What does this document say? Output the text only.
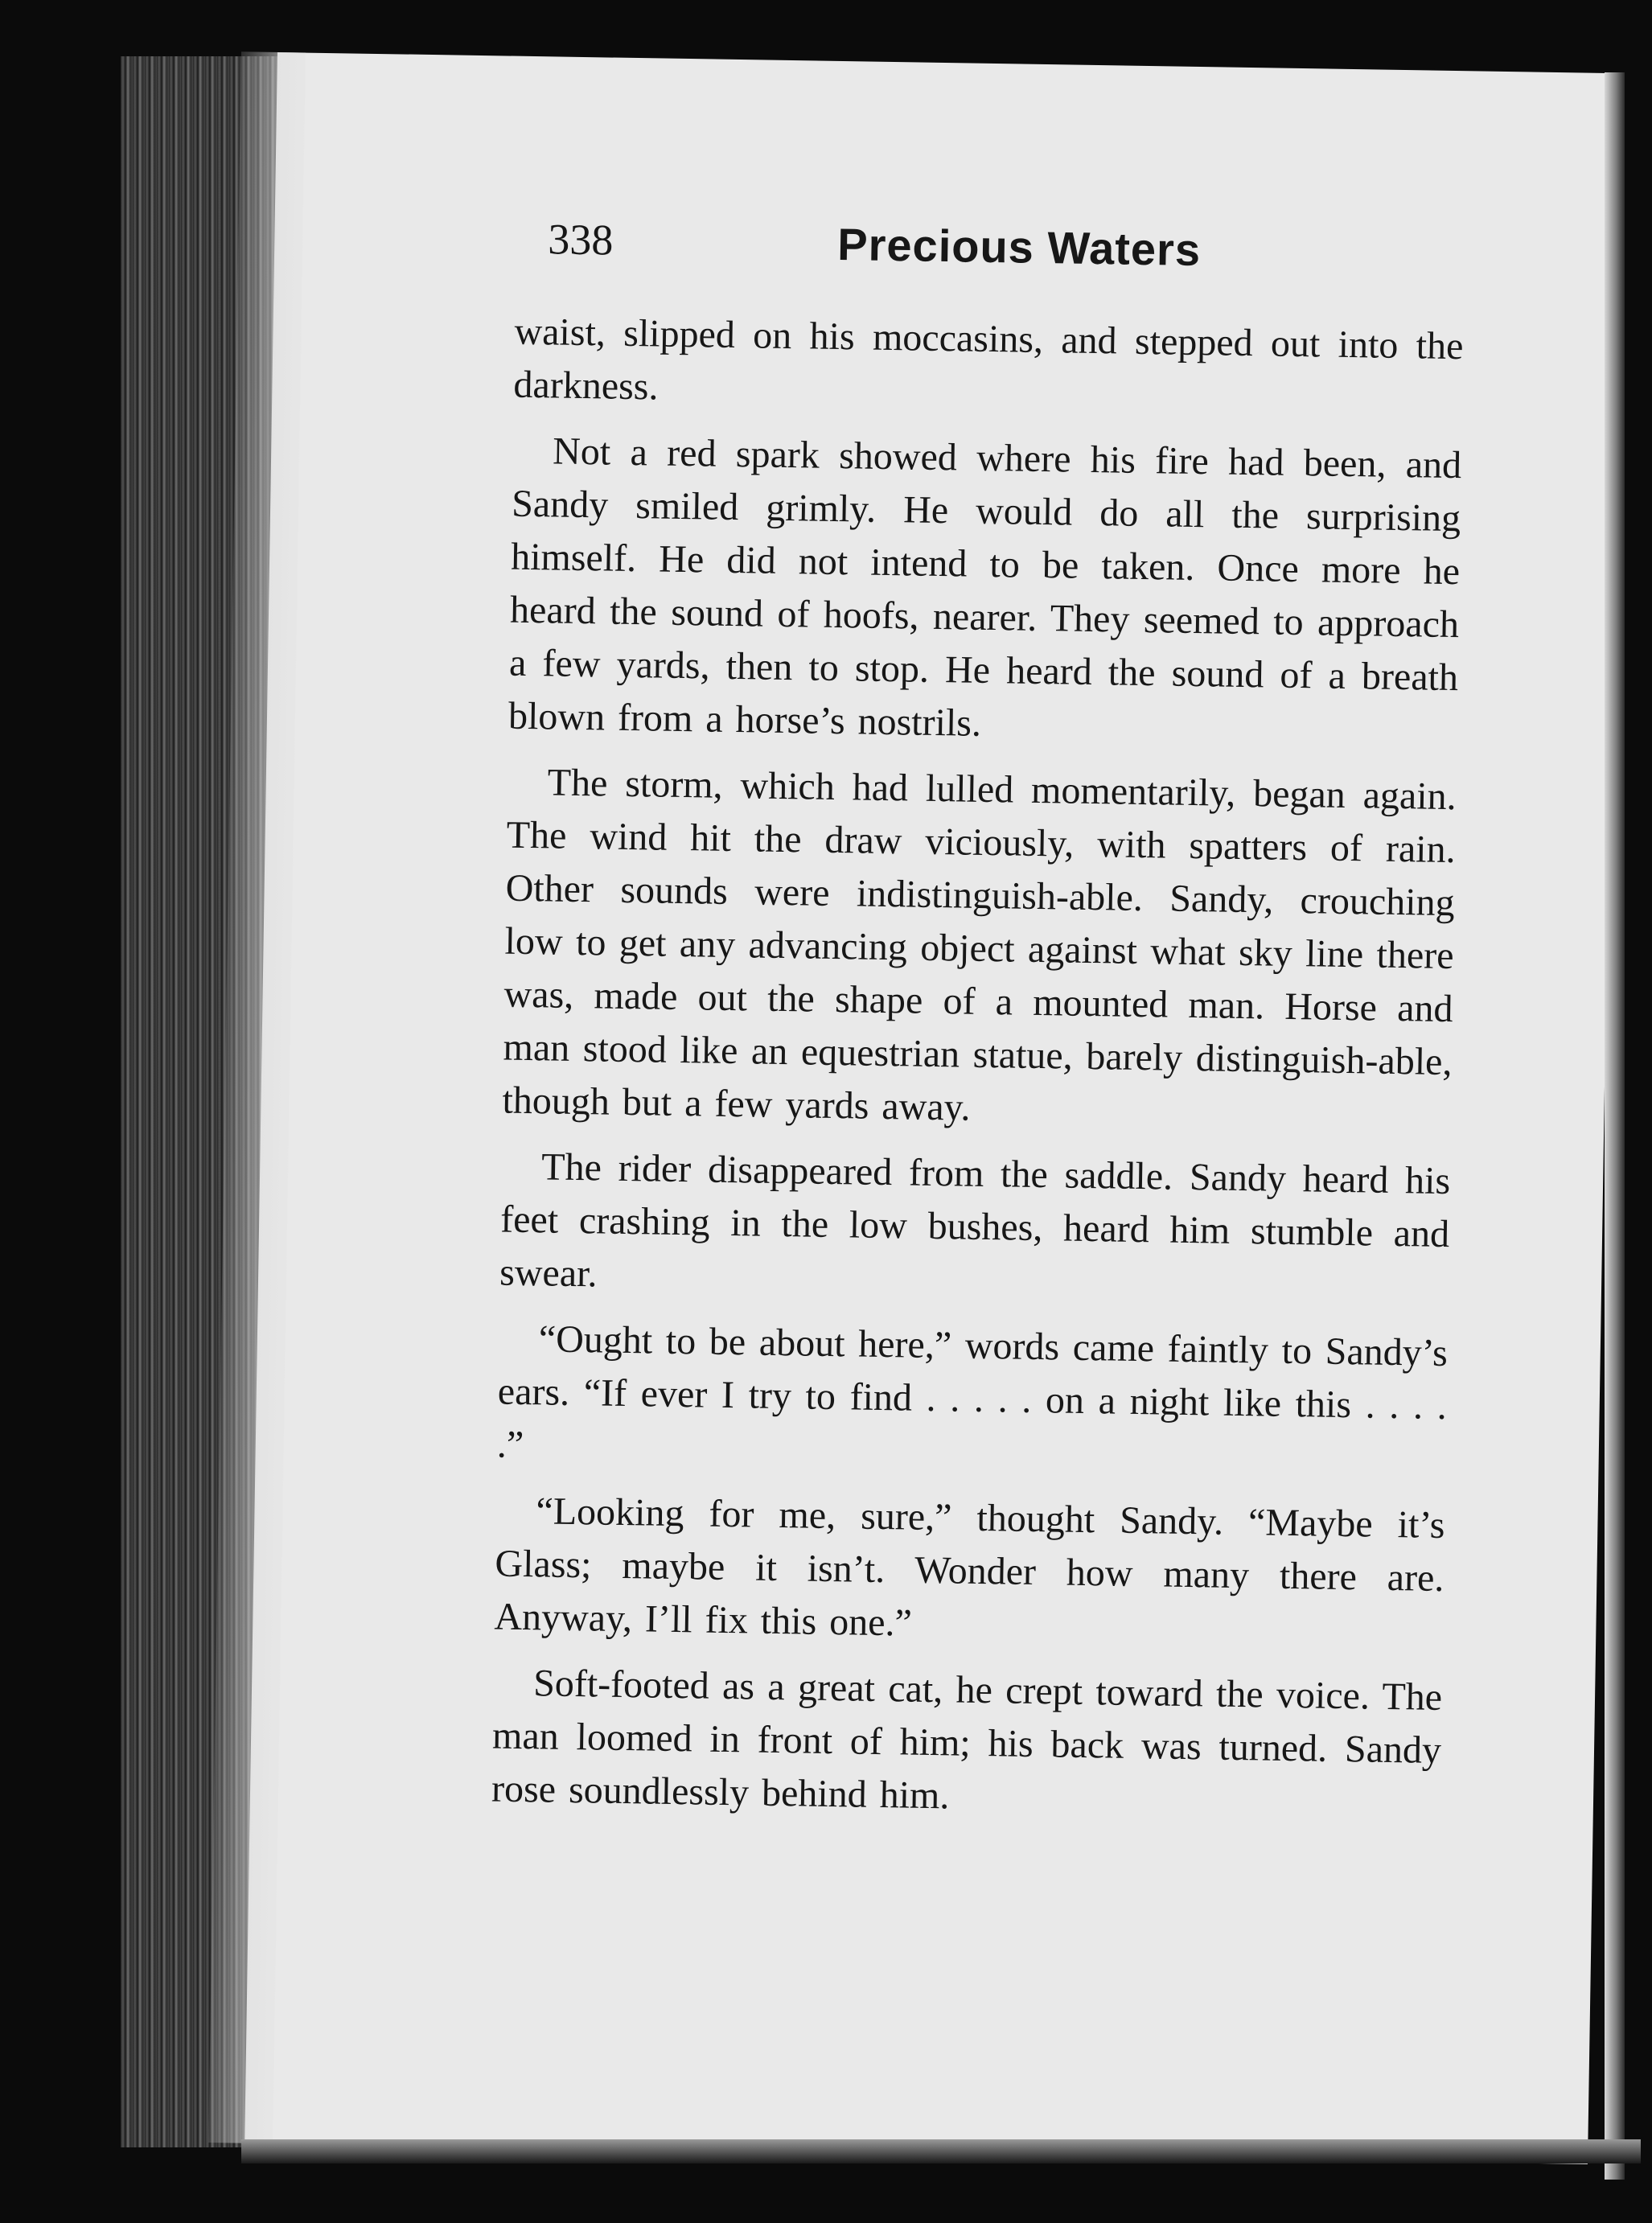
338	Precious Waters

waist, slipped on his moccasins, and stepped out into the darkness.

Not a red spark showed where his fire had been, and Sandy smiled grimly. He would do all the surprising himself. He did not intend to be taken. Once more he heard the sound of hoofs, nearer. They seemed to approach a few yards, then to stop. He heard the sound of a breath blown from a horse’s nostrils.

The storm, which had lulled momentarily, began again. The wind hit the draw viciously, with spatters of rain. Other sounds were indistinguish-able. Sandy, crouching low to get any advancing object against what sky line there was, made out the shape of a mounted man. Horse and man stood like an equestrian statue, barely distinguish-able, though but a few yards away.

The rider disappeared from the saddle. Sandy heard his feet crashing in the low bushes, heard him stumble and swear.

“Ought to be about here,” words came faintly to Sandy’s ears. “If ever I try to find . . . . . on a night like this . . . . .”

“Looking for me, sure,” thought Sandy. “Maybe it’s Glass; maybe it isn’t. Wonder how many there are. Anyway, I’ll fix this one.”

Soft-footed as a great cat, he crept toward the voice. The man loomed in front of him; his back was turned. Sandy rose soundlessly behind him.
